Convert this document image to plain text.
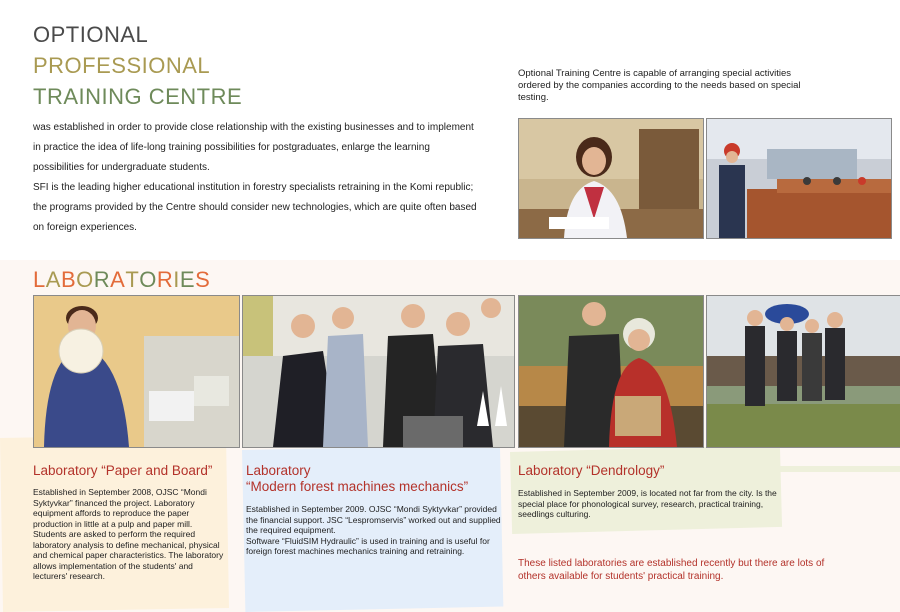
OPTIONAL
PROFESSIONAL
TRAINING CENTRE

was established in order to provide close relationship with the existing businesses and to implement in practice the idea of life-long training possibilities for postgraduates, enlarge the learning possibilities for undergraduate students.

SFI is the leading higher educational institution in forestry specialists retraining in the Komi republic; the programs provided by the Centre should consider new technologies, which are quite often based on foreign experiences.

Optional Training Centre is capable of arranging special activities ordered by the companies according to the needs based on special testing.
LABORATORIES
Laboratory “Paper and Board”
Established in September 2008, OJSC “Mondi Syktyvkar” financed the project. Laboratory equipment affords to reproduce the paper production in little at a pulp and paper mill. Students are asked to perform the required laboratory analysis to define mechanical, physical and chemical paper characteristics. The laboratory allows implementation of the students' and lecturers' research.
Laboratory
“Modern forest machines mechanics”

Established in September 2009. OJSC “Mondi Syktyvkar” provided the financial support. JSC “Lespromservis” worked out and supplied the required equipment.

Software “FluidSIM Hydraulic” is used in training and is useful for foreign forest machines mechanics training and retraining.

Laboratory “Dendrology”
Established in September 2009, is located not far from the city. Is the special place for phonological survey, research, practical training, seedlings culturing.
These listed laboratories are established recently but there are lots of others available for students' practical training.
